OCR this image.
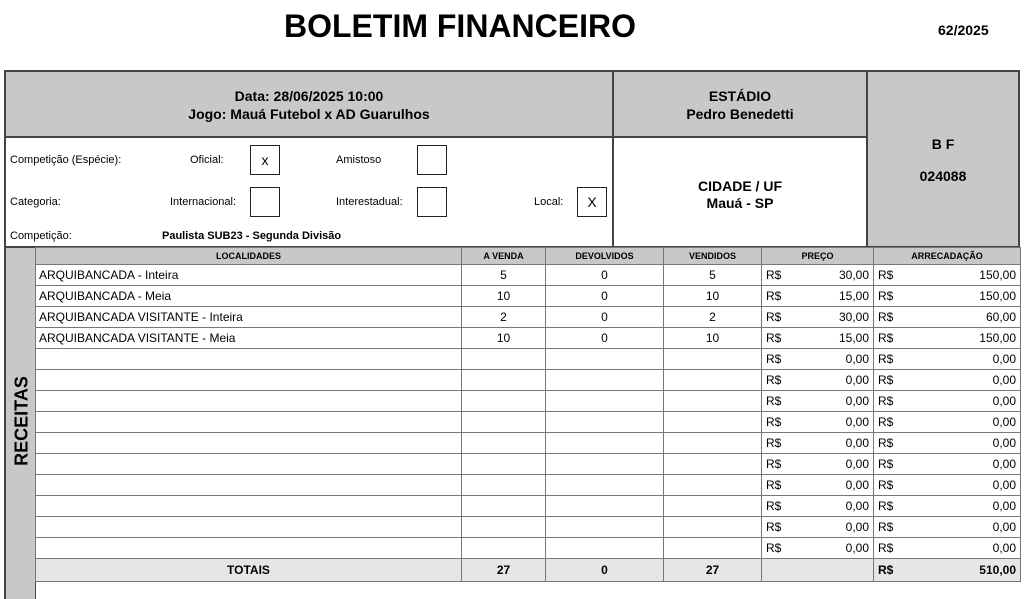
BOLETIM FINANCEIRO	62/2025
Data: 28/06/2025 10:00
Jogo: Mauá Futebol x AD Guarulhos
ESTÁDIO
Pedro Benedetti
B F
024088
Competição (Espécie):	Oficial:	x	Amistoso
Categoria:	Internacional:	Interestadual:	Local:	X
Competição:	Paulista SUB23 - Segunda Divisão
CIDADE / UF
Mauá - SP
RECEITAS
LOCALIDADES	A VENDA	DEVOLVIDOS	VENDIDOS	PREÇO	ARRECADAÇÃO
ARQUIBANCADA - Inteira	5	0	5	R$ 30,00	R$ 150,00

ARQUIBANCADA - Meia	10	0	10	R$ 15,00	R$ 150,00

ARQUIBANCADA VISITANTE - Inteira	2	0	2	R$ 30,00	R$ 60,00

ARQUIBANCADA VISITANTE - Meia	10	0	10	R$ 15,00	R$ 150,00

				R$ 0,00	R$ 0,00

				R$ 0,00	R$ 0,00

				R$ 0,00	R$ 0,00

				R$ 0,00	R$ 0,00

				R$ 0,00	R$ 0,00

				R$ 0,00	R$ 0,00

				R$ 0,00	R$ 0,00

				R$ 0,00	R$ 0,00

				R$ 0,00	R$ 0,00

				R$ 0,00	R$ 0,00

TOTAIS	27	0	27		R$ 510,00
